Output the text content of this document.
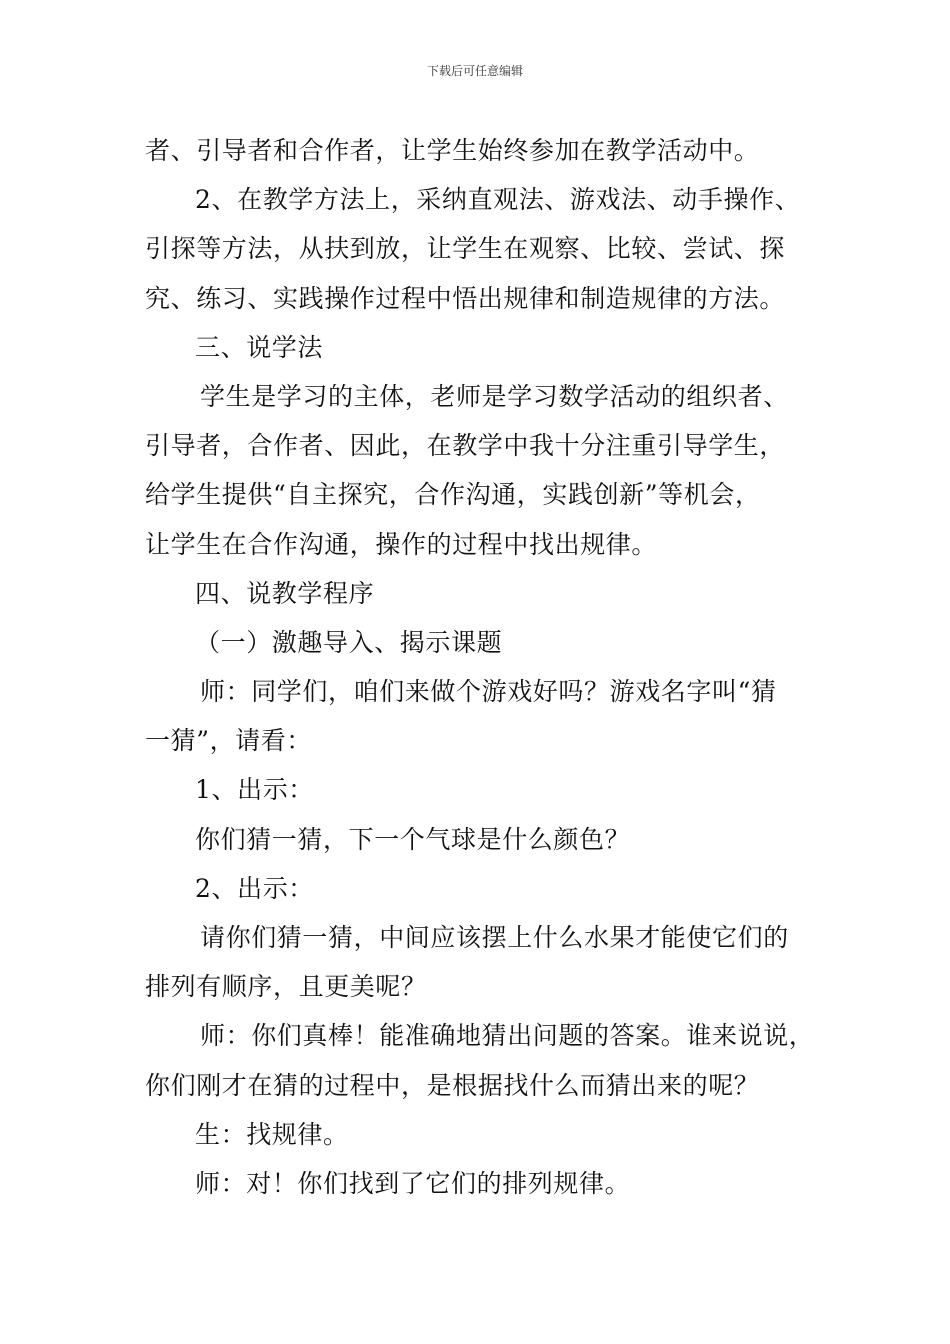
下载后可任意编辑
者、引导者和合作者，让学生始终参加在教学活动中。
2、在教学方法上，采纳直观法、游戏法、动手操作、
引探等方法，从扶到放，让学生在观察、比较、尝试、探
究、练习、实践操作过程中悟出规律和制造规律的方法。
三、说学法
学生是学习的主体，老师是学习数学活动的组织者、
引导者，合作者、因此，在教学中我十分注重引导学生，
给学生提供“自主探究，合作沟通，实践创新”等机会，
让学生在合作沟通，操作的过程中找出规律。
四、说教学程序
（一）激趣导入、揭示课题
师：同学们，咱们来做个游戏好吗？游戏名字叫“猜
一猜”，请看：
1、出示：
你们猜一猜，下一个气球是什么颜色？
2、出示：
请你们猜一猜，中间应该摆上什么水果才能使它们的
排列有顺序，且更美呢？
师：你们真棒！能准确地猜出问题的答案。谁来说说，
你们刚才在猜的过程中，是根据找什么而猜出来的呢？
生：找规律。
师：对！你们找到了它们的排列规律。
